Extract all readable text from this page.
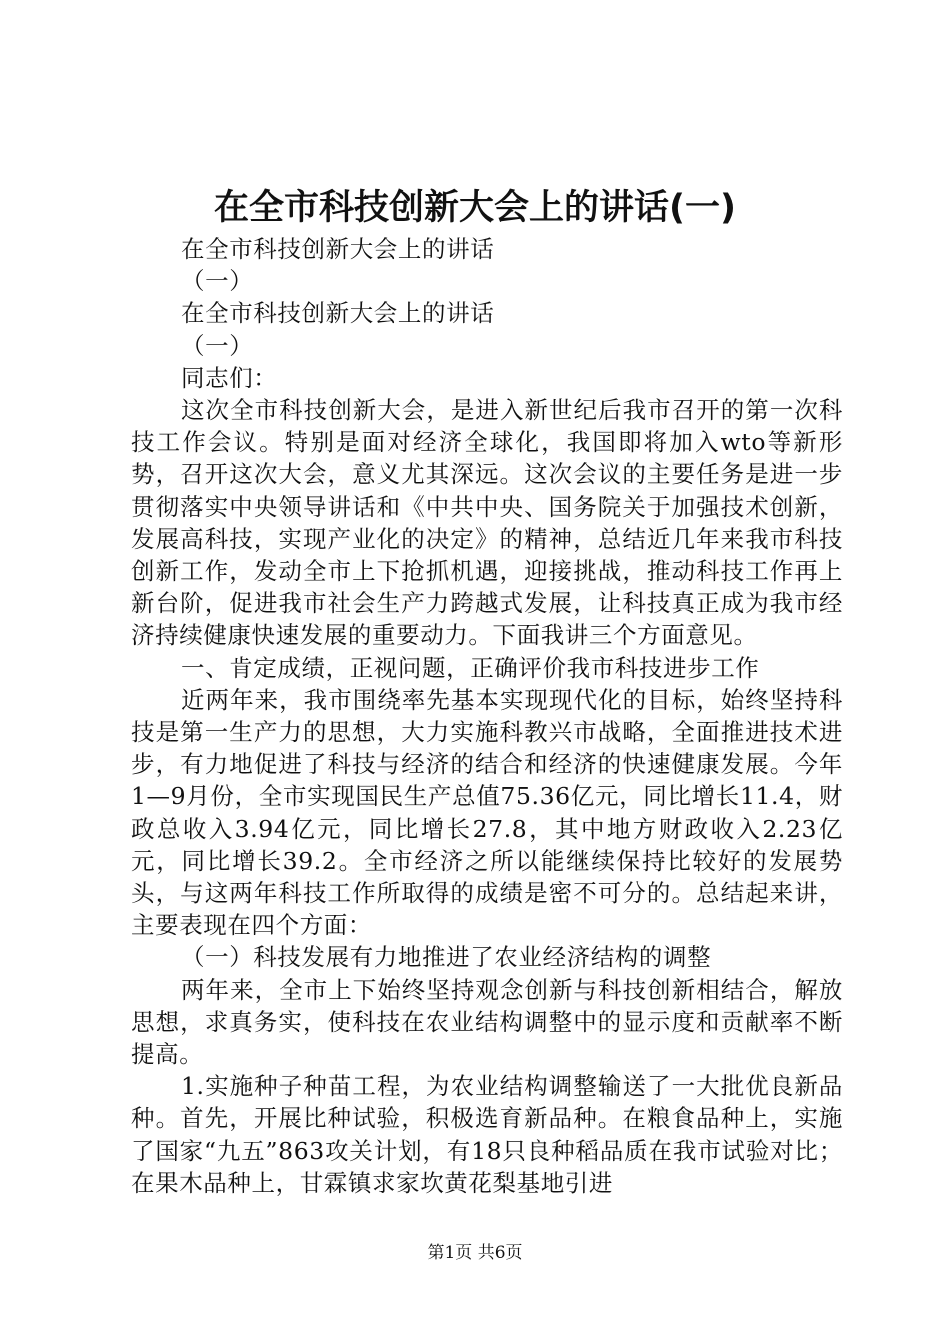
在全市科技创新大会上的讲话(一)

在全市科技创新大会上的讲话

（一）

在全市科技创新大会上的讲话

（一）

同志们：

这次全市科技创新大会，是进入新世纪后我市召开的第一次科技工作会议。特别是面对经济全球化，我国即将加入wto等新形势，召开这次大会，意义尤其深远。这次会议的主要任务是进一步贯彻落实中央领导讲话和《中共中央、国务院关于加强技术创新，发展高科技，实现产业化的决定》的精神，总结近几年来我市科技创新工作，发动全市上下抢抓机遇，迎接挑战，推动科技工作再上新台阶，促进我市社会生产力跨越式发展，让科技真正成为我市经济持续健康快速发展的重要动力。下面我讲三个方面意见。

一、肯定成绩，正视问题，正确评价我市科技进步工作

近两年来，我市围绕率先基本实现现代化的目标，始终坚持科技是第一生产力的思想，大力实施科教兴市战略，全面推进技术进步，有力地促进了科技与经济的结合和经济的快速健康发展。今年1—9月份，全市实现国民生产总值75.36亿元，同比增长11.4，财政总收入3.94亿元，同比增长27.8，其中地方财政收入2.23亿元，同比增长39.2。全市经济之所以能继续保持比较好的发展势头，与这两年科技工作所取得的成绩是密不可分的。总结起来讲，主要表现在四个方面：

（一）科技发展有力地推进了农业经济结构的调整

两年来，全市上下始终坚持观念创新与科技创新相结合，解放思想，求真务实，使科技在农业结构调整中的显示度和贡献率不断提高。

1.实施种子种苗工程，为农业结构调整输送了一大批优良新品种。首先，开展比种试验，积极选育新品种。在粮食品种上，实施了国家“九五”863攻关计划，有18只良种稻品质在我市试验对比；在果木品种上，甘霖镇求家坎黄花梨基地引进

第1页 共6页
